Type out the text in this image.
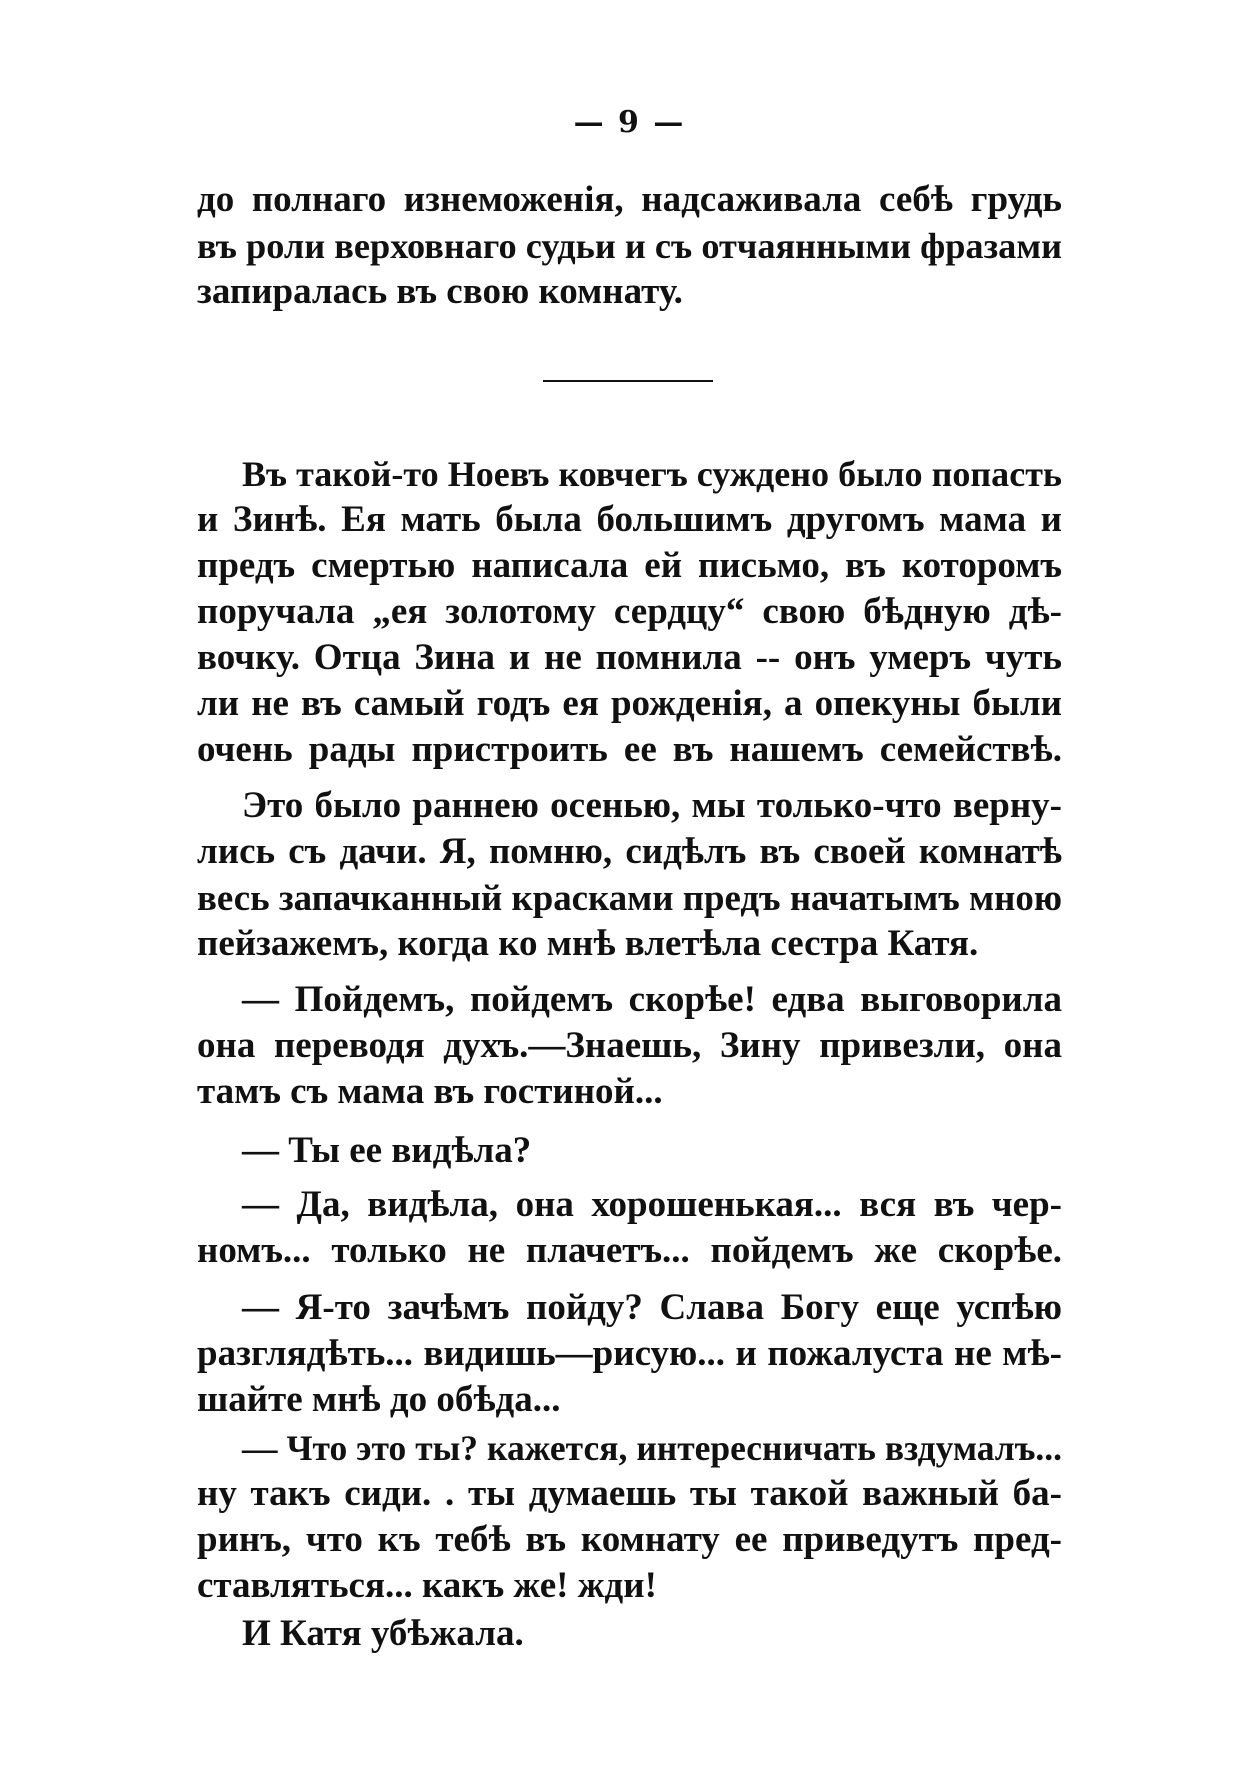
— 9 —
до полнаго изнеможенія, надсаживала себѣ грудь
въ роли верховнаго судьи и съ отчаянными фразами
запиралась въ свою комнату.
Въ такой-то Ноевъ ковчегъ суждено было попасть
и Зинѣ. Ея мать была большимъ другомъ мама и
предъ смертью написала ей письмо, въ которомъ
поручала „ея золотому сердцу“ свою бѣдную дѣ-
вочку. Отца Зина и не помнила -- онъ умеръ чуть
ли не въ самый годъ ея рожденія, а опекуны были
очень рады пристроить ее въ нашемъ семействѣ.
Это было раннею осенью, мы только-что верну-
лись съ дачи. Я, помню, сидѣлъ въ своей комнатѣ
весь запачканный красками предъ начатымъ мною
пейзажемъ, когда ко мнѣ влетѣла сестра Катя.
— Пойдемъ, пойдемъ скорѣе! едва выговорила
она переводя духъ.—Знаешь, Зину привезли, она
тамъ съ мама въ гостиной...
— Ты ее видѣла?
— Да, видѣла, она хорошенькая... вся въ чер-
номъ... только не плачетъ... пойдемъ же скорѣе.
— Я-то зачѣмъ пойду? Слава Богу еще успѣю
разглядѣть... видишь—рисую... и пожалуста не мѣ-
шайте мнѣ до обѣда...
— Что это ты? кажется, интересничать вздумалъ...
ну такъ сиди. . ты думаешь ты такой важный ба-
ринъ, что къ тебѣ въ комнату ее приведутъ пред-
ставляться... какъ же! жди!
И Катя убѣжала.
